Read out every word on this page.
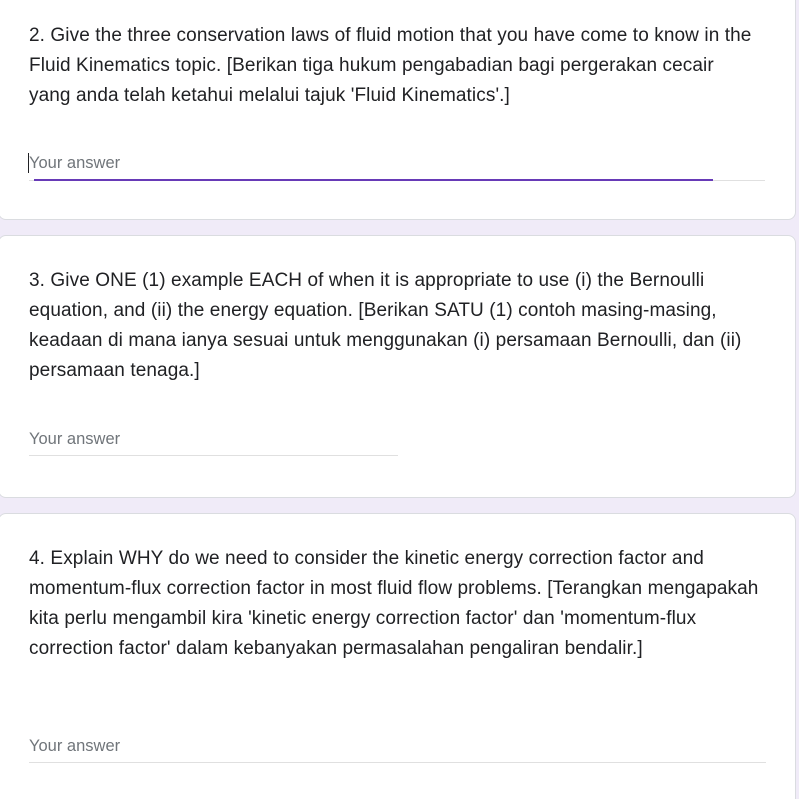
2. Give the three conservation laws of fluid motion that you have come to know in the Fluid Kinematics topic. [Berikan tiga hukum pengabadian bagi pergerakan cecair yang anda telah ketahui melalui tajuk 'Fluid Kinematics'.]

Your answer

3. Give ONE (1) example EACH of when it is appropriate to use (i) the Bernoulli equation, and (ii) the energy equation. [Berikan SATU (1) contoh masing-masing, keadaan di mana ianya sesuai untuk menggunakan (i) persamaan Bernoulli, dan (ii) persamaan tenaga.]

Your answer

4. Explain WHY do we need to consider the kinetic energy correction factor and momentum-flux correction factor in most fluid flow problems. [Terangkan mengapakah kita perlu mengambil kira 'kinetic energy correction factor' dan 'momentum-flux correction factor' dalam kebanyakan permasalahan pengaliran bendalir.]

Your answer
